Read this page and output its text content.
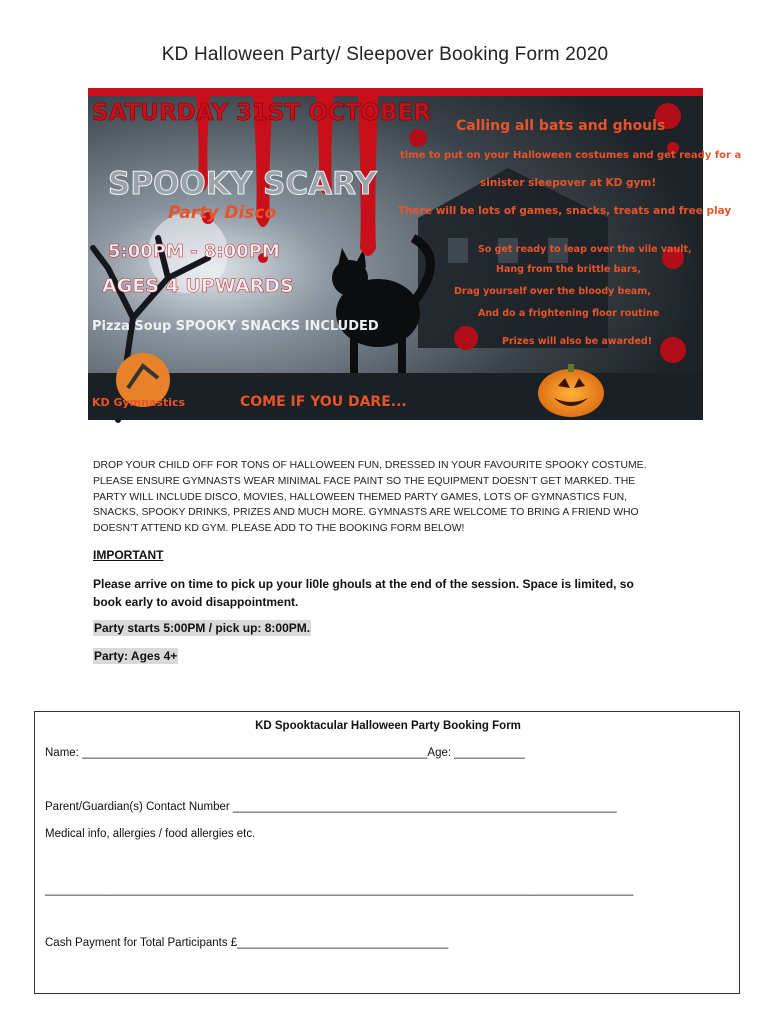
KD Halloween Party/ Sleepover Booking Form 2020
KD Gymnastics
SATURDAY 31ST OCTOBER
SPOOKY SCARY
Party Disco
5:00PM - 8:00PM
AGES 4 UPWARDS
Pizza Soup SPOOKY SNACKS INCLUDED
COME IF YOU DARE...
Calling all bats and ghouls
time to put on your Halloween costumes and get ready for a
sinister sleepover at KD gym!
There will be lots of games, snacks, treats and free play
So get ready to leap over the vile vault,
Hang from the brittle bars,
Drag yourself over the bloody beam,
And do a frightening floor routine
Prizes will also be awarded!
DROP YOUR CHILD OFF FOR TONS OF HALLOWEEN FUN, DRESSED IN YOUR FAVOURITE SPOOKY COSTUME. PLEASE ENSURE GYMNASTS WEAR MINIMAL FACE PAINT SO THE EQUIPMENT DOESN’T GET MARKED. THE PARTY WILL INCLUDE DISCO, MOVIES, HALLOWEEN THEMED PARTY GAMES, LOTS OF GYMNASTICS FUN, SNACKS, SPOOKY DRINKS, PRIZES AND MUCH MORE. GYMNASTS ARE WELCOME TO BRING A FRIEND WHO DOESN’T ATTEND KD GYM. PLEASE ADD TO THE BOOKING FORM BELOW!
IMPORTANT
Please arrive on time to pick up your li0le ghouls at the end of the session. Space is limited, so book early to avoid disappointment.
Party starts 5:00PM / pick up: 8:00PM.
Party: Ages 4+
KD Spooktacular Halloween Party Booking Form
Name: ______________________________________________________Age: ___________
Parent/Guardian(s) Contact Number ____________________________________________________________
Medical info, allergies / food allergies etc.
____________________________________________________________________________________________
Cash Payment for Total Participants £_________________________________
